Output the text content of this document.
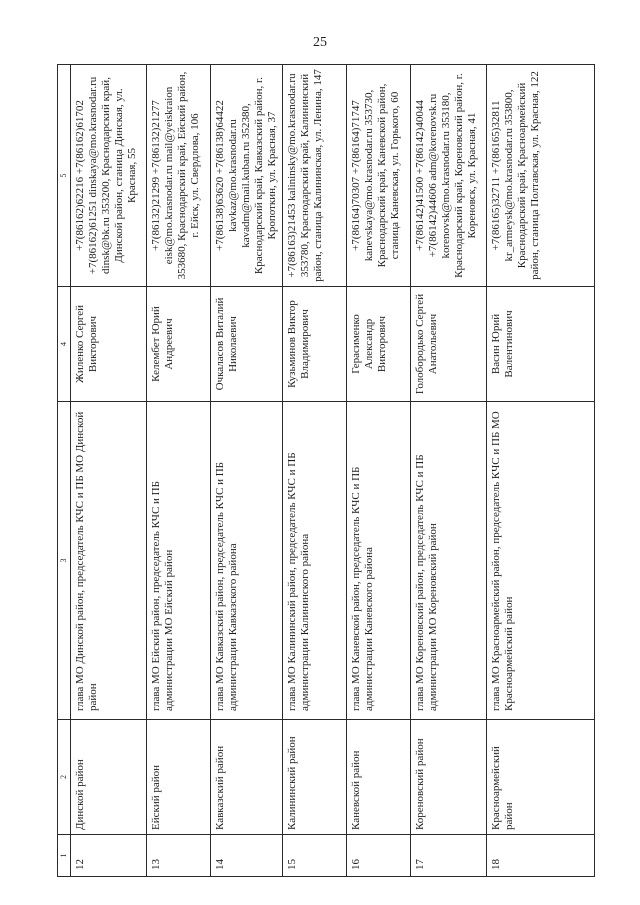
25
1	2	3	4	5
12	Динской район	глава МО Динской район, председатель КЧС и ПБ МО Динской район	Жиленко Сергей Викторович	+7(86162)62216 +7(86162)61702 +7(86162)61251 dinskaya@mo.krasnodar.ru dinsk@bk.ru 353200, Краснодарский край, Динской район, станица Динская, ул. Красная, 55
13	Ейский район	глава МО Ейский район, председатель КЧС и ПБ администрации МО Ейский район	Келембет Юрий Андреевич	+7(86132)21299 +7(86132)21277 eisk@mo.krasnodar.ru mail@yeiskraion 353680, Краснодарский край, Ейский район, г. Ейск, ул. Свердлова, 106
14	Кавказский район	глава МО Кавказский район, председатель КЧС и ПБ администрации Кавказского района	Очкаласов Виталий Николаевич	+7(86138)63620 +7(86138)64422 kavkaz@mo.krasnodar.ru kavadm@mail.kuban.ru 352380, Краснодарский край, Кавказский район, г. Кропоткин, ул. Красная, 37
15	Калининский район	глава МО Калининский район, председатель КЧС и ПБ администрации Калининского района	Кузьминов Виктор Владимирович	+7(86163)21453 kalininsky@mo.krasnodar.ru 353780, Краснодарский край, Калининский район, станица Калининская, ул. Ленина, 147
16	Каневской район	глава МО Каневской район, председатель КЧС и ПБ администрации Каневского района	Герасименко Александр Викторович	+7(86164)70307 +7(86164)71747 kanevskaya@mo.krasnodar.ru 353730, Краснодарский край, Каневской район, станица Каневская, ул. Горького, 60
17	Кореновский район	глава МО Кореновский район, председатель КЧС и ПБ администрации МО Кореновский район	Голобородько Сергей Анатольевич	+7(86142)41500 +7(86142)40044 +7(86142)44606 adm@korenovsk.ru korenovsk@mo.krasnodar.ru 353180, Краснодарский край, Кореновский район, г. Кореновск, ул. Красная, 41
18	Красноармейский район	глава МО Красноармейский район, председатель КЧС и ПБ МО Красноармейский район	Васин Юрий Валентинович	+7(86165)32711 +7(86165)32811 kr_armeysk@mo.krasnodar.ru 353800, Краснодарский край, Красноармейский район, станица Полтавская, ул. Красная, 122
